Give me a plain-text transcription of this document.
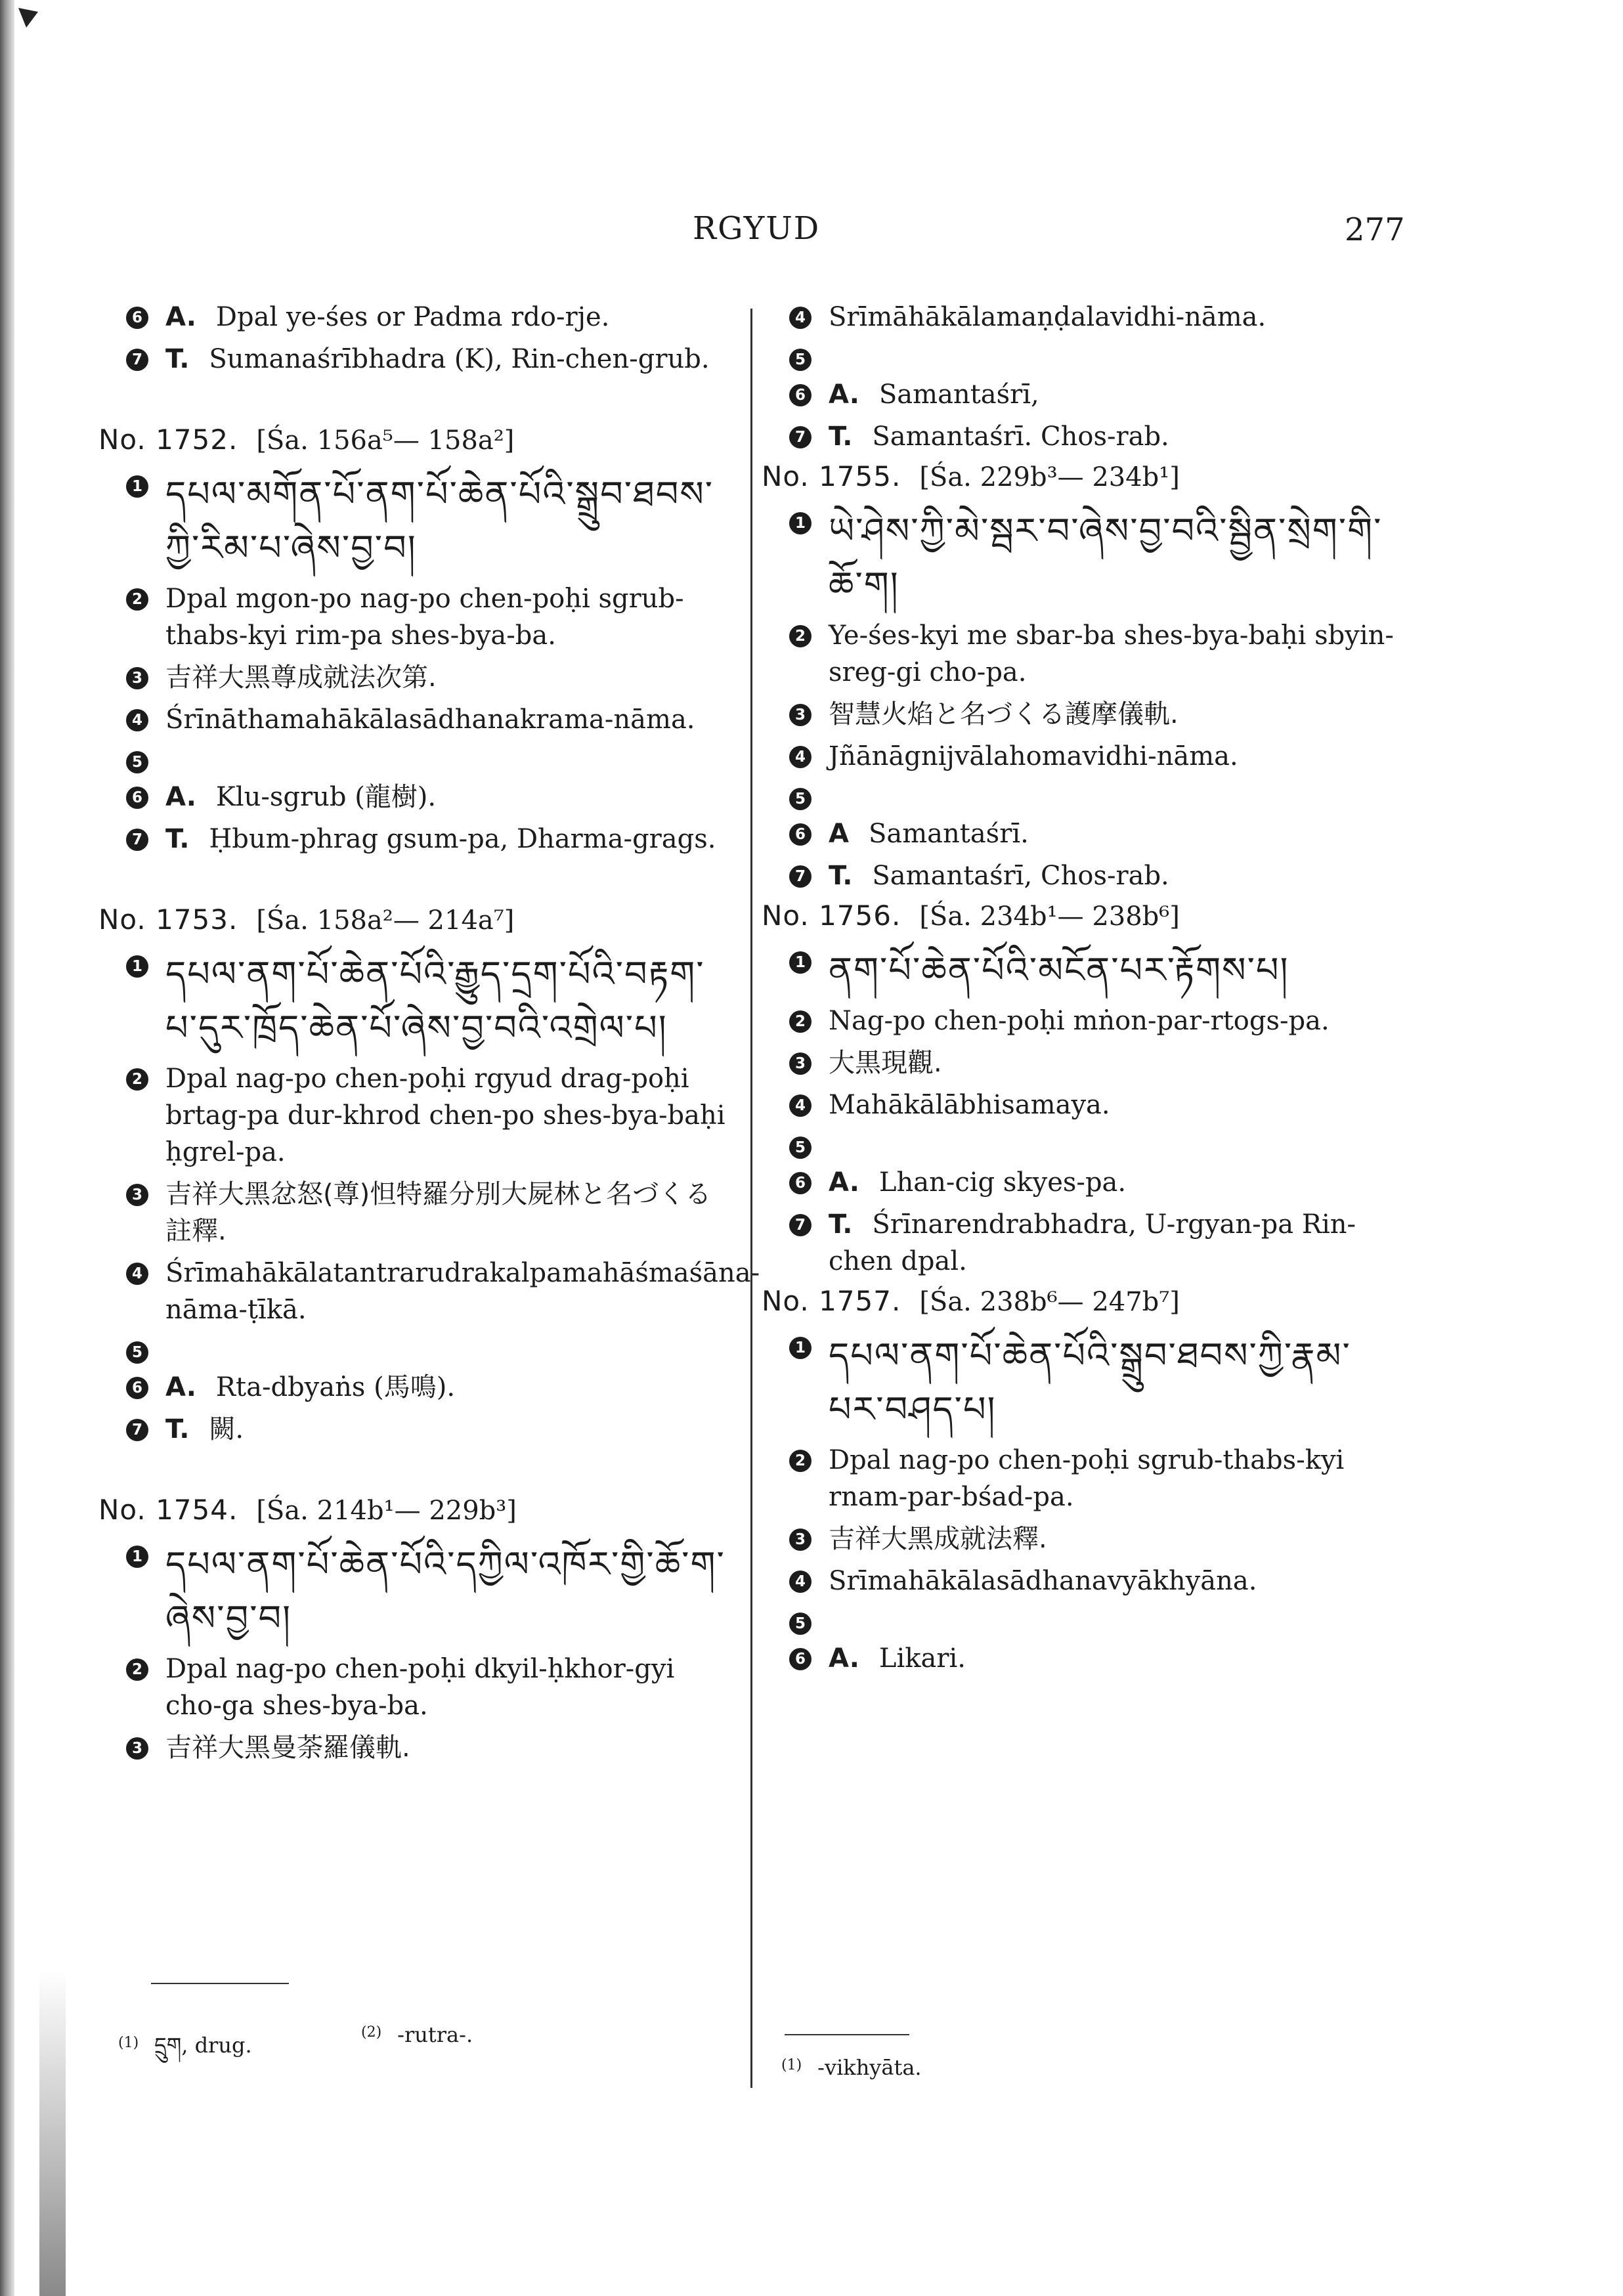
RGYUD	277
6 A. Dpal ye-śes or Padma rdo-rje.
7 T. Sumanaśrībhadra (K), Rin-chen-grub.
No. 1752. [Śa. 156a⁵— 158a²]
1 དཔལ་མགོན་པོ་ནག་པོ་ཆེན་པོའི་སྒྲུབ་ཐབས་ཀྱི་རིམ་པ་ཞེས་བྱ་བ།
2 Dpal mgon-po nag-po chen-poḥi sgrub-thabs-kyi rim-pa shes-bya-ba.
3 吉祥大黑尊成就法次第.
4 Śrīnāthamahākālasādhanakrama-nāma.
5
6 A. Klu-sgrub (龍樹).
7 T. Ḥbum-phrag gsum-pa, Dharma-grags.
No. 1753. [Śa. 158a²— 214a⁷]
1 དཔལ་ནག་པོ་ཆེན་པོའི་རྒྱུད་དྲག་པོའི་བརྟག་པ་དུར་ཁྲོད་ཆེན་པོ་ཞེས་བྱ་བའི་འགྲེལ་པ།
2 Dpal nag-po chen-poḥi rgyud drag-poḥi brtag-pa dur-khrod chen-po shes-bya-baḥi ḥgrel-pa.
3 吉祥大黑忿怒(尊)怛特羅分別大屍林と名づくる註釋.
4 Śrīmahākālatantrarudrakalpamahāśmaśāna-nāma-ṭīkā.
5
6 A. Rta-dbyaṅs (馬鳴).
7 T. 闕.
No. 1754. [Śa. 214b¹— 229b³]
1 དཔལ་ནག་པོ་ཆེན་པོའི་དཀྱིལ་འཁོར་གྱི་ཆོ་ག་ཞེས་བྱ་བ།
2 Dpal nag-po chen-poḥi dkyil-ḥkhor-gyi cho-ga shes-bya-ba.
3 吉祥大黑曼荼羅儀軌.
$^{(1)}$ དྲུག, drug.
$^{(2)}$ -rutra-.
4 Srīmāhākālamaṇḍalavidhi-nāma.
5
6 A. Samantaśrī,
7 T. Samantaśrī. Chos-rab.
No. 1755. [Śa. 229b³— 234b¹]
1 ཡེ་ཤེས་ཀྱི་མེ་སྦར་བ་ཞེས་བྱ་བའི་སྦྱིན་སྲེག་གི་ཆོ་ག།
2 Ye-śes-kyi me sbar-ba shes-bya-baḥi sbyin-sreg-gi cho-pa.
3 智慧火焰と名づくる護摩儀軌.
4 Jñānāgnijvālahomavidhi-nāma.
5
6 A Samantaśrī.
7 T. Samantaśrī, Chos-rab.
No. 1756. [Śa. 234b¹— 238b⁶]
1 ནག་པོ་ཆེན་པོའི་མངོན་པར་རྟོགས་པ།
2 Nag-po chen-poḥi mṅon-par-rtogs-pa.
3 大黒現觀.
4 Mahākālābhisamaya.
5
6 A. Lhan-cig skyes-pa.
7 T. Śrīnarendrabhadra, U-rgyan-pa Rin-chen dpal.
No. 1757. [Śa. 238b⁶— 247b⁷]
1 དཔལ་ནག་པོ་ཆེན་པོའི་སྒྲུབ་ཐབས་ཀྱི་རྣམ་པར་བཤད་པ།
2 Dpal nag-po chen-poḥi sgrub-thabs-kyi rnam-par-bśad-pa.
3 吉祥大黑成就法釋.
4 Srīmahākālasādhanavyākhyāna.
5
6 A. Likari.
$^{(1)}$ -vikhyāta.
